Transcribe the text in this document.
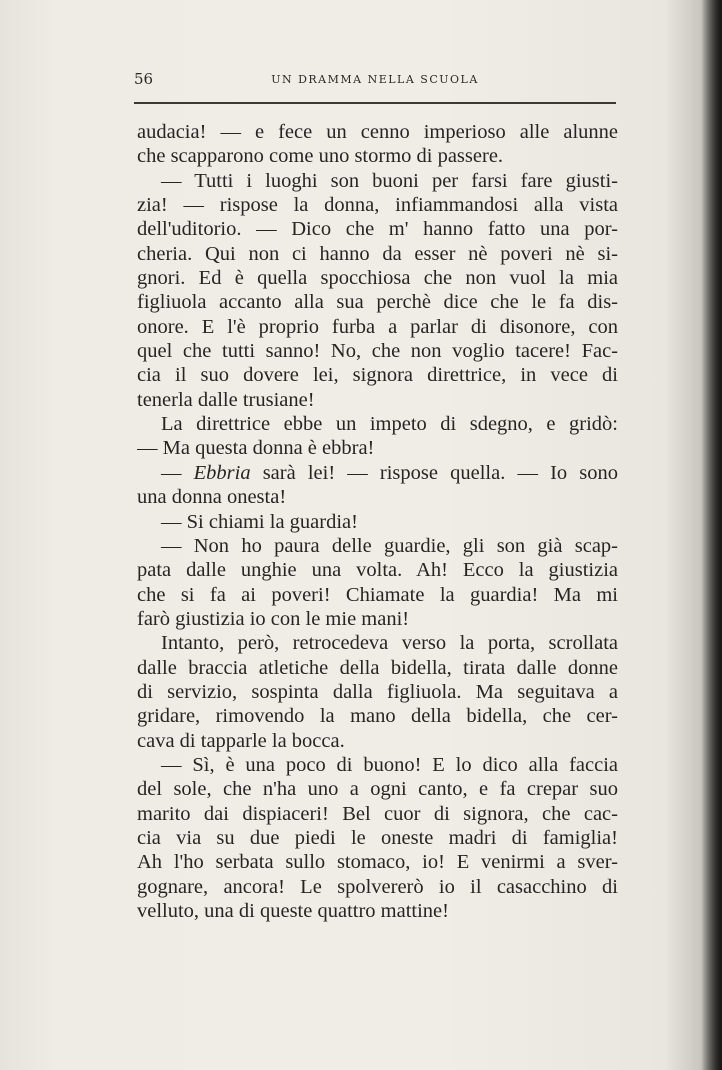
56	UN DRAMMA NELLA SCUOLA
audacia! — e fece un cenno imperioso alle alunne
che scapparono come uno stormo di passere.
— Tutti i luoghi son buoni per farsi fare giusti-
zia! — rispose la donna, infiammandosi alla vista
dell'uditorio. — Dico che m' hanno fatto una por-
cheria. Qui non ci hanno da esser nè poveri nè si-
gnori. Ed è quella spocchiosa che non vuol la mia
figliuola accanto alla sua perchè dice che le fa dis-
onore. E l'è proprio furba a parlar di disonore, con
quel che tutti sanno! No, che non voglio tacere! Fac-
cia il suo dovere lei, signora direttrice, in vece di
tenerla dalle trusiane!
La direttrice ebbe un impeto di sdegno, e gridò:
— Ma questa donna è ebbra!
— Ebbria sarà lei! — rispose quella. — Io sono
una donna onesta!
— Si chiami la guardia!
— Non ho paura delle guardie, gli son già scap-
pata dalle unghie una volta. Ah! Ecco la giustizia
che si fa ai poveri! Chiamate la guardia! Ma mi
farò giustizia io con le mie mani!
Intanto, però, retrocedeva verso la porta, scrollata
dalle braccia atletiche della bidella, tirata dalle donne
di servizio, sospinta dalla figliuola. Ma seguitava a
gridare, rimovendo la mano della bidella, che cer-
cava di tapparle la bocca.
— Sì, è una poco di buono! E lo dico alla faccia
del sole, che n'ha uno a ogni canto, e fa crepar suo
marito dai dispiaceri! Bel cuor di signora, che cac-
cia via su due piedi le oneste madri di famiglia!
Ah l'ho serbata sullo stomaco, io! E venirmi a sver-
gognare, ancora! Le spolvererò io il casacchino di
velluto, una di queste quattro mattine!
